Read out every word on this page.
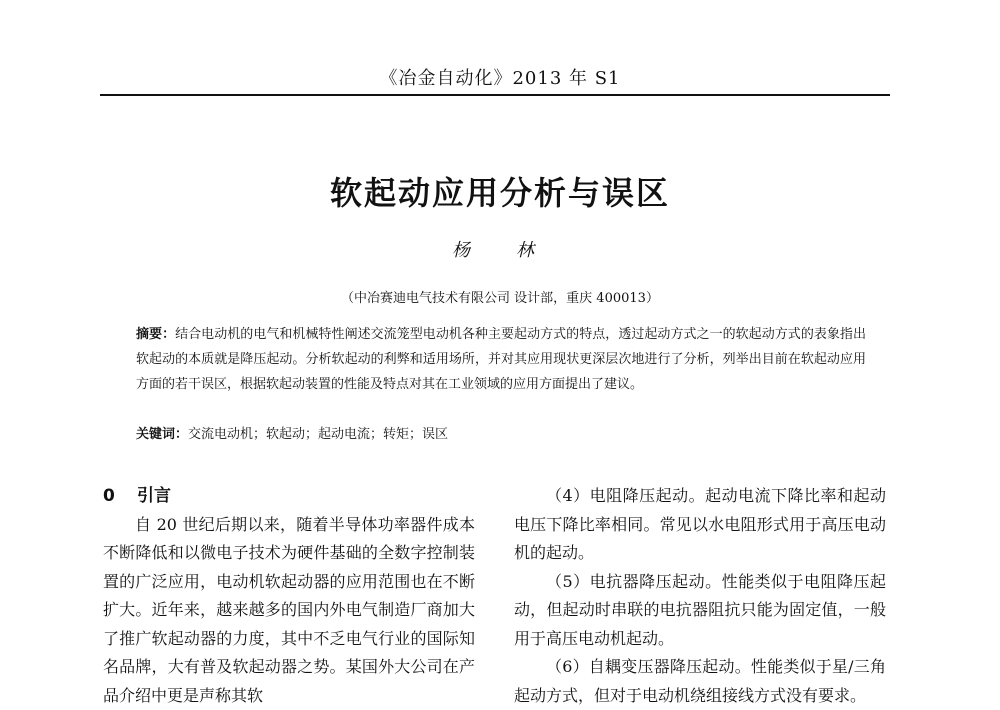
《冶金自动化》2013 年 S1
软起动应用分析与误区
杨　林
（中冶赛迪电气技术有限公司 设计部，重庆 400013）
摘要：结合电动机的电气和机械特性阐述交流笼型电动机各种主要起动方式的特点，透过起动方式之一的软起动方式的表象指出软起动的本质就是降压起动。分析软起动的利弊和适用场所，并对其应用现状更深层次地进行了分析，列举出目前在软起动应用方面的若干误区，根据软起动装置的性能及特点对其在工业领域的应用方面提出了建议。
关键词：交流电动机；软起动；起动电流；转矩；误区
0 引言

自 20 世纪后期以来，随着半导体功率器件成本不断降低和以微电子技术为硬件基础的全数字控制装置的广泛应用，电动机软起动器的应用范围也在不断扩大。近年来，越来越多的国内外电气制造厂商加大了推广软起动器的力度，其中不乏电气行业的国际知名品牌，大有普及软起动器之势。某国外大公司在产品介绍中更是声称其软

（4）电阻降压起动。起动电流下降比率和起动电压下降比率相同。常见以水电阻形式用于高压电动机的起动。

（5）电抗器降压起动。性能类似于电阻降压起动，但起动时串联的电抗器阻抗只能为固定值，一般用于高压电动机起动。

（6）自耦变压器降压起动。性能类似于星/三角起动方式，但对于电动机绕组接线方式没有要求。
